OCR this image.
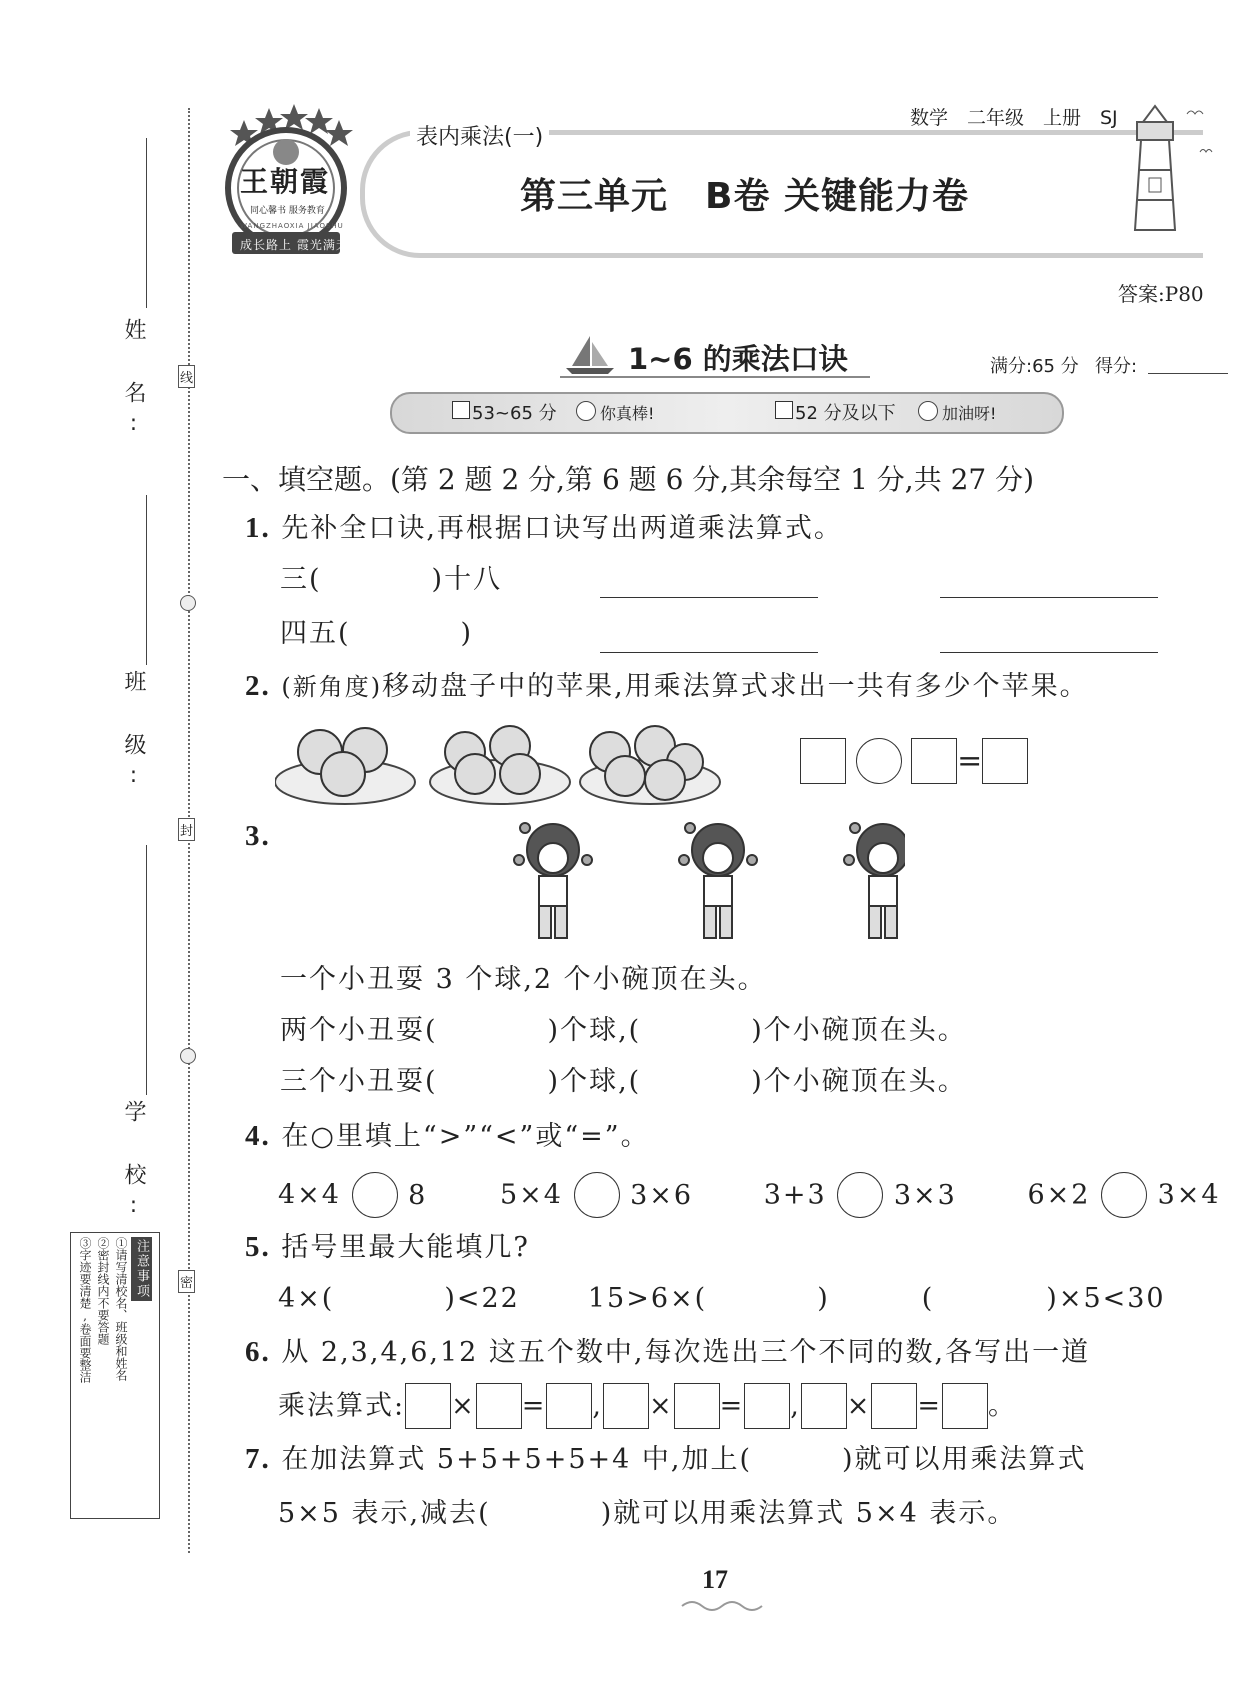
姓 名:
班 级:
学 校:
线
封
密
注意事项
①请写清校名、班级和姓名
②密封线内不要答题
③字迹要清楚,卷面要整洁
王朝霞
同心馨书 服务教育
成长路上 霞光满天
WANGZHAOXIA JIAOSHU
表内乘法(一)
数学　二年级　上册　SJ
第三单元　B卷 关键能力卷
答案:P80
1~6 的乘法口诀	满分:65 分 得分:
53~65 分	你真棒!	52 分及以下	加油呀!
一、填空题。(第 2 题 2 分,第 6 题 6 分,其余每空 1 分,共 27 分)
1. 先补全口诀,再根据口诀写出两道乘法算式。
三(	)十八
四五(	)
2. (新角度)移动盘子中的苹果,用乘法算式求出一共有多少个苹果。
=
3.
一个小丑耍 3 个球,2 个小碗顶在头。
两个小丑耍(	)个球,(	)个小碗顶在头。
三个小丑耍(	)个球,(	)个小碗顶在头。
4. 在○里填上“>”“<”或“=”。
4×4 8	5×4 3×6	3+3 3×3	6×2 3×4
5. 括号里最大能填几?
4×(	)<22	15>6×(	)	(	)×5<30
6. 从 2,3,4,6,12 这五个数中,每次选出三个不同的数,各写出一道
乘法算式: × = , × = , × = 。
7. 在加法算式 5+5+5+5+4 中,加上(	)就可以用乘法算式
5×5 表示,减去(	)就可以用乘法算式 5×4 表示。
17
